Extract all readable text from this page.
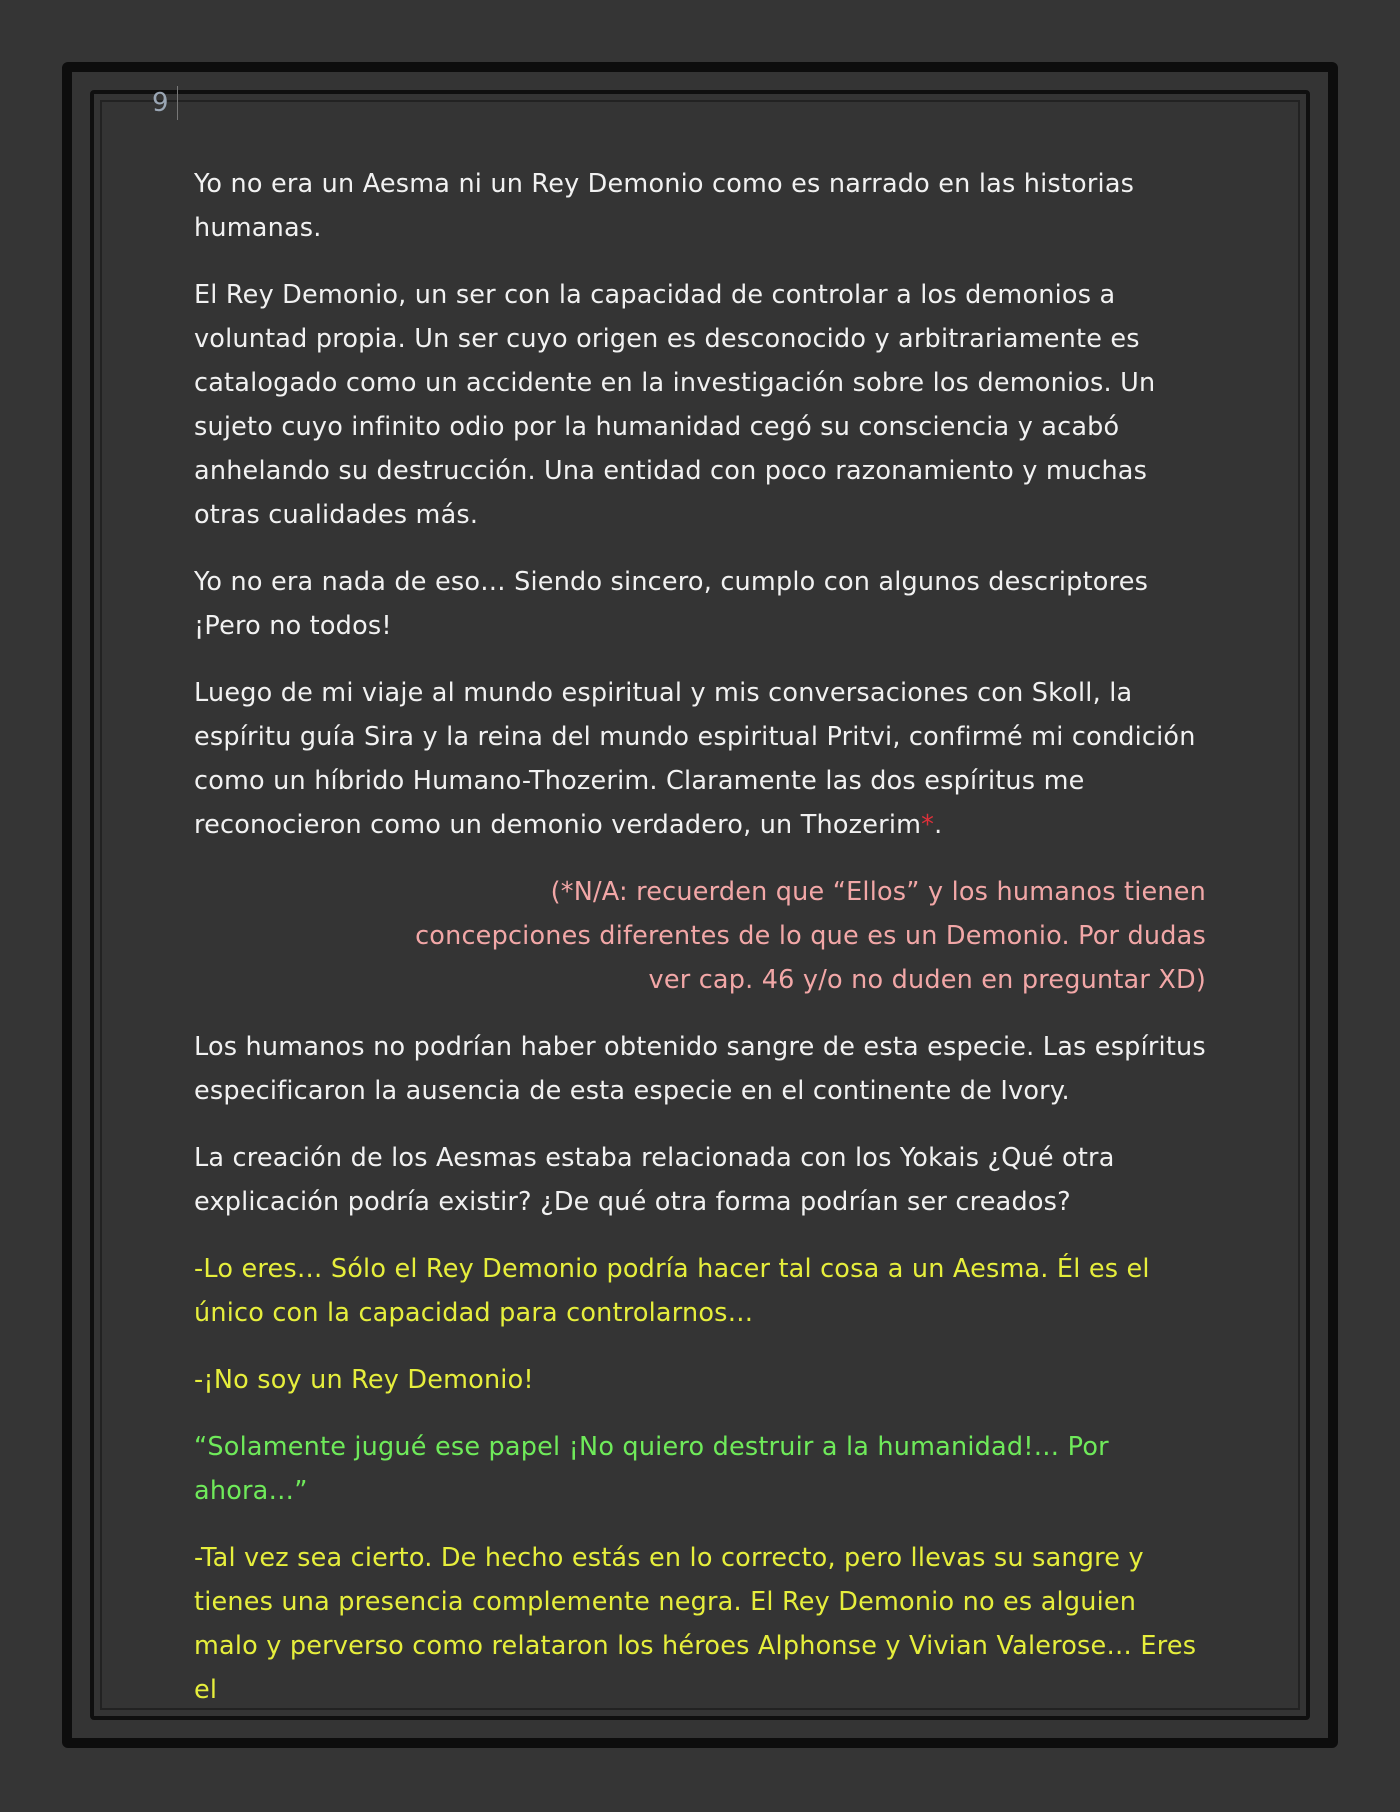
9

Yo no era un Aesma ni un Rey Demonio como es narrado en las historias humanas.

El Rey Demonio, un ser con la capacidad de controlar a los demonios a voluntad propia. Un ser cuyo origen es desconocido y arbitrariamente es catalogado como un accidente en la investigación sobre los demonios. Un sujeto cuyo infinito odio por la humanidad cegó su consciencia y acabó anhelando su destrucción. Una entidad con poco razonamiento y muchas otras cualidades más.

Yo no era nada de eso… Siendo sincero, cumplo con algunos descriptores ¡Pero no todos!

Luego de mi viaje al mundo espiritual y mis conversaciones con Skoll, la espíritu guía Sira y la reina del mundo espiritual Pritvi, confirmé mi condición como un híbrido Humano-Thozerim. Claramente las dos espíritus me reconocieron como un demonio verdadero, un Thozerim*.

(*N/A: recuerden que “Ellos” y los humanos tienen
concepciones diferentes de lo que es un Demonio. Por dudas
ver cap. 46 y/o no duden en preguntar XD)

Los humanos no podrían haber obtenido sangre de esta especie. Las espíritus especificaron la ausencia de esta especie en el continente de Ivory.

La creación de los Aesmas estaba relacionada con los Yokais ¿Qué otra explicación podría existir? ¿De qué otra forma podrían ser creados?

-Lo eres… Sólo el Rey Demonio podría hacer tal cosa a un Aesma. Él es el único con la capacidad para controlarnos…

-¡No soy un Rey Demonio!

“Solamente jugué ese papel ¡No quiero destruir a la humanidad!… Por ahora…”

-Tal vez sea cierto. De hecho estás en lo correcto, pero llevas su sangre y tienes una presencia complemente negra. El Rey Demonio no es alguien malo y perverso como relataron los héroes Alphonse y Vivian Valerose… Eres el
